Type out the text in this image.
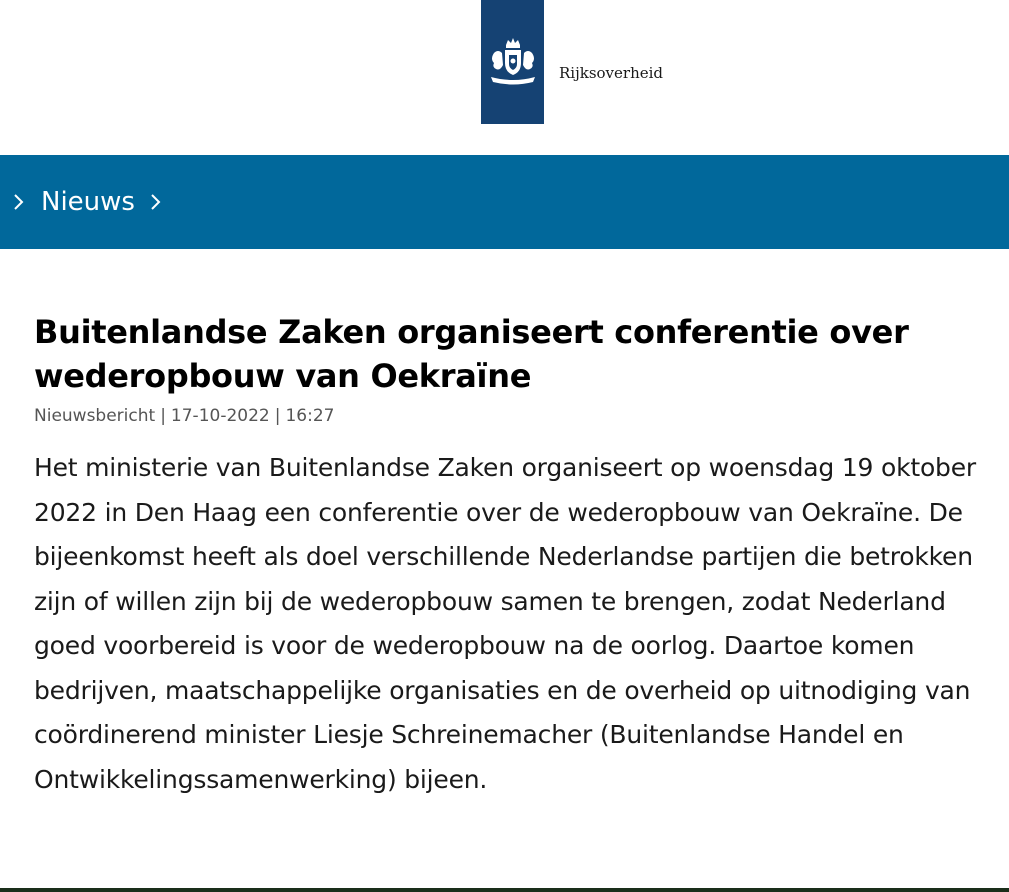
Rijksoverheid
Nieuws
Buitenlandse Zaken organiseert conferentie over wederopbouw van Oekraïne
Nieuwsbericht | 17-10-2022 | 16:27

Het ministerie van Buitenlandse Zaken organiseert op woensdag 19 oktober 2022 in Den Haag een conferentie over de wederopbouw van Oekraïne. De bijeenkomst heeft als doel verschillende Nederlandse partijen die betrokken zijn of willen zijn bij de wederopbouw samen te brengen, zodat Nederland goed voorbereid is voor de wederopbouw na de oorlog. Daartoe komen bedrijven, maatschappelijke organisaties en de overheid op uitnodiging van coördinerend minister Liesje Schreinemacher (Buitenlandse Handel en Ontwikkelingssamenwerking) bijeen.
